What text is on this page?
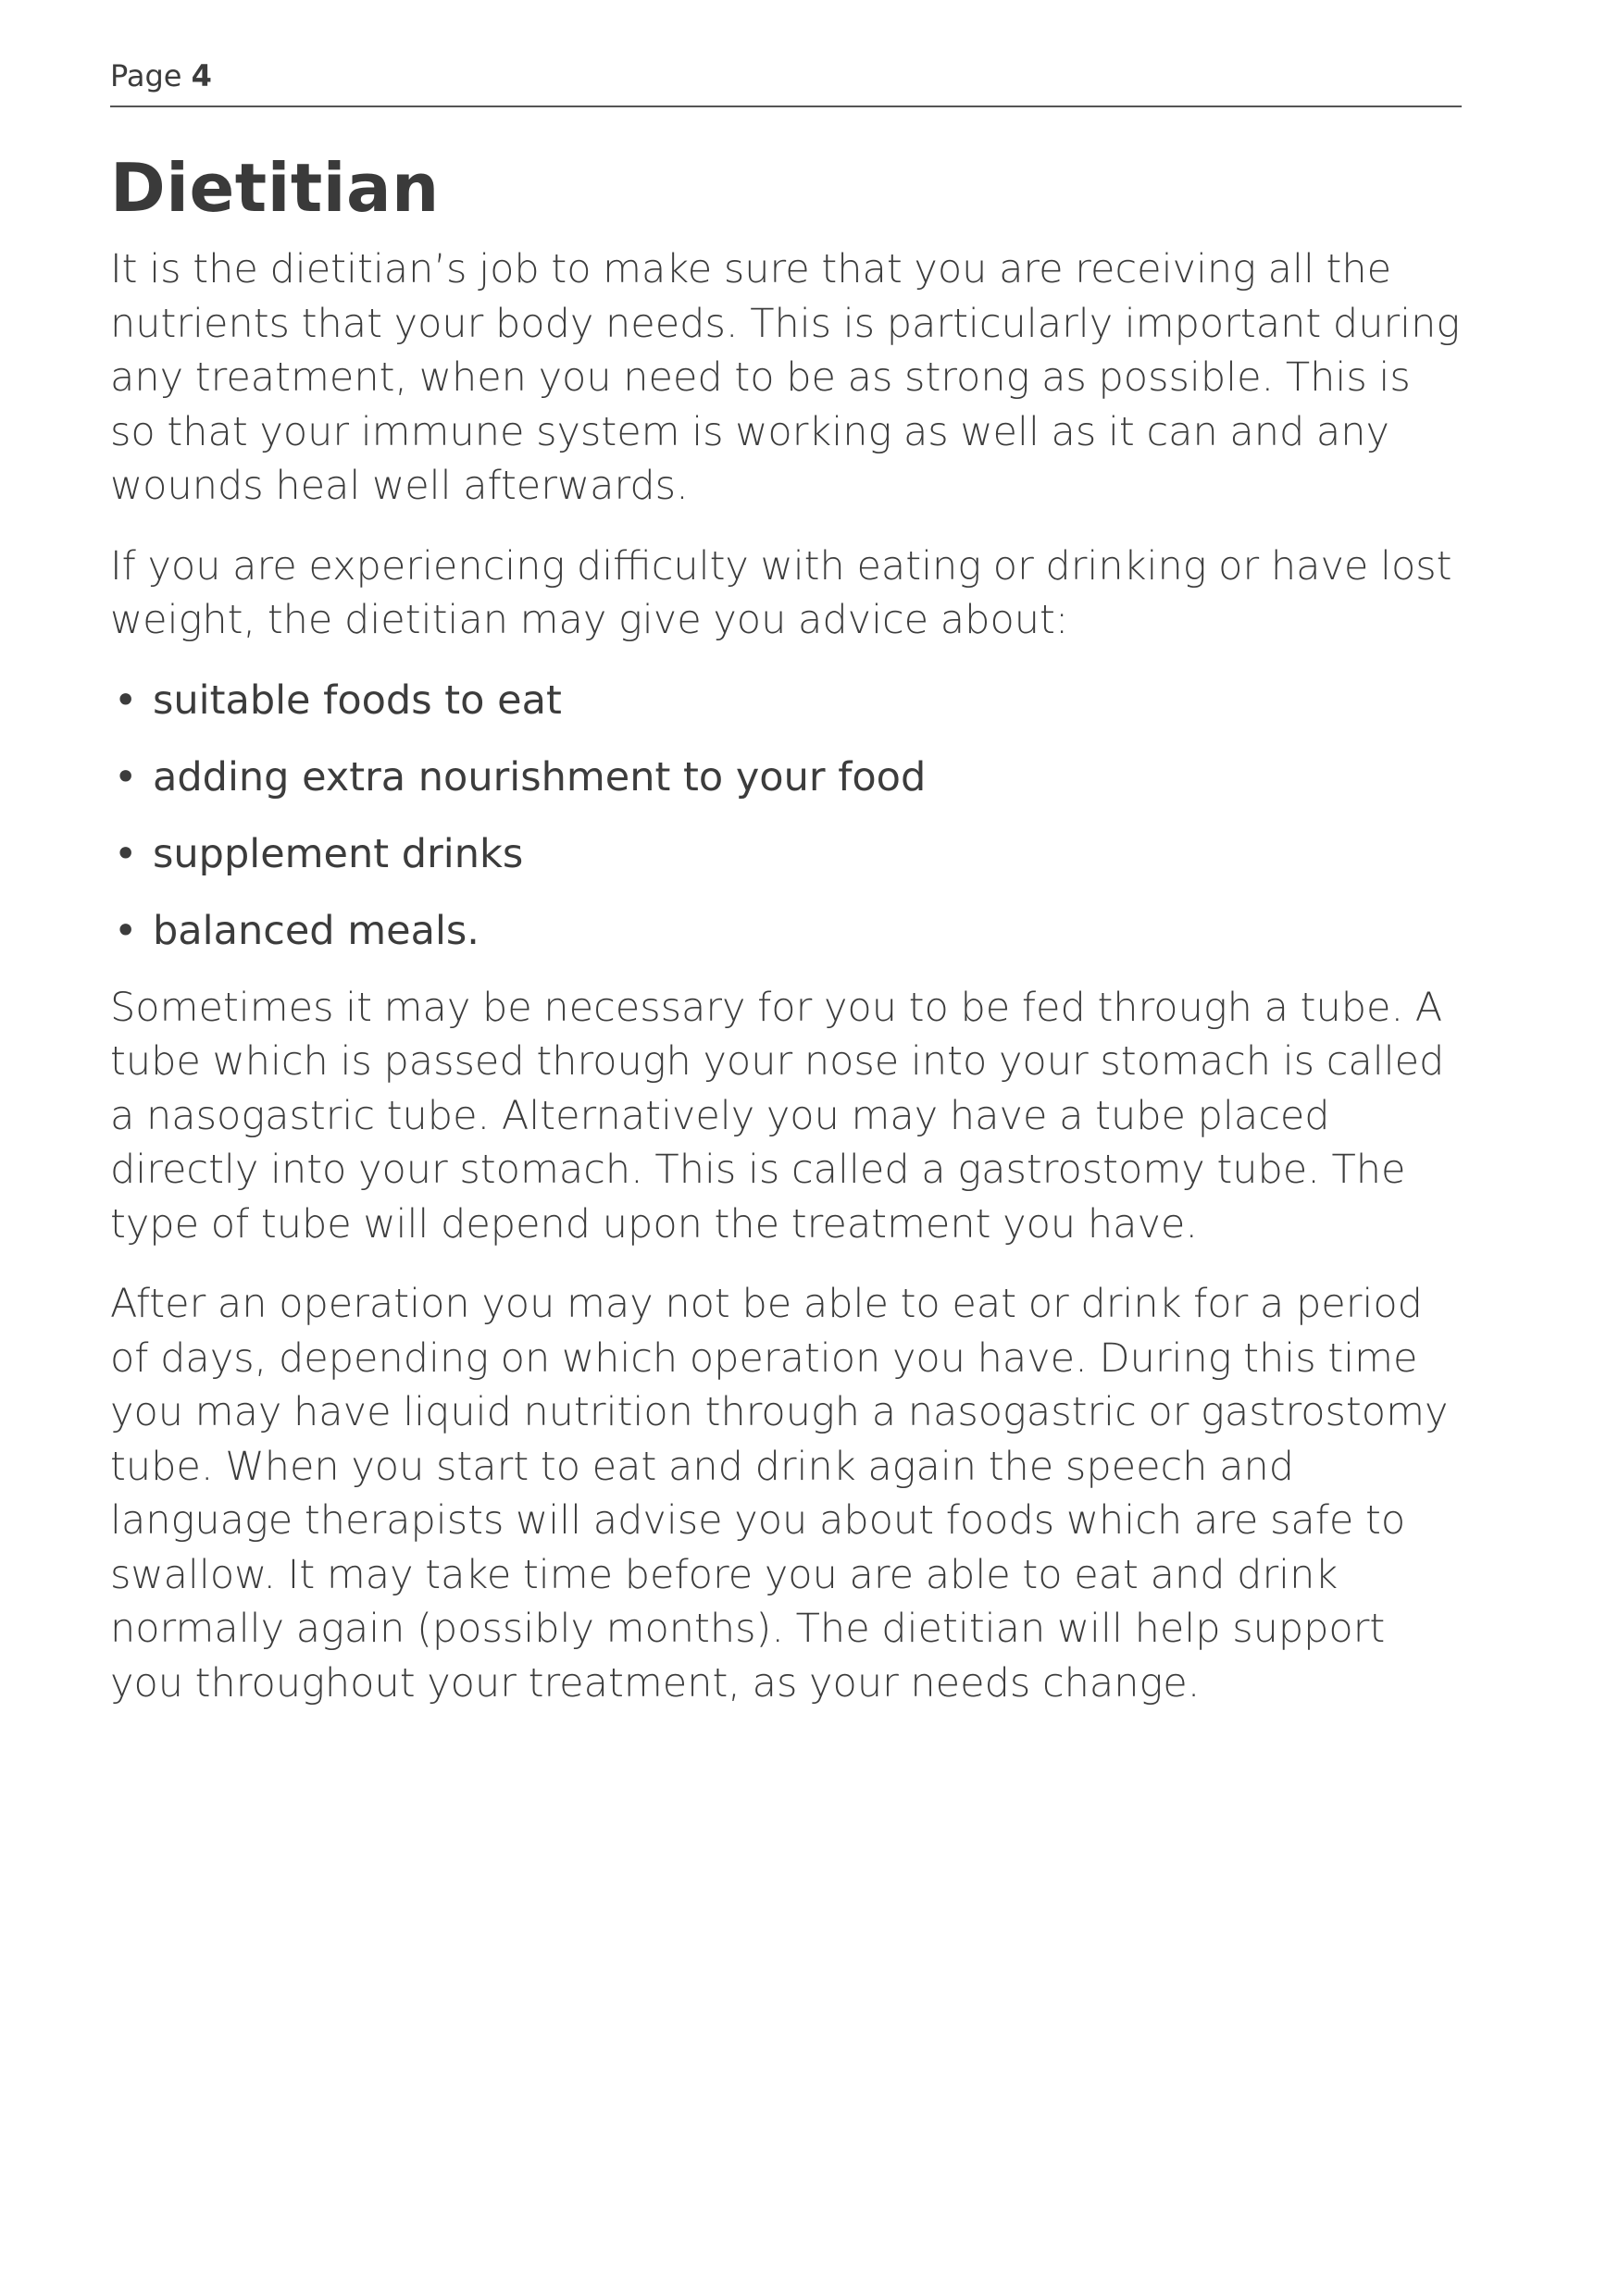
Page 4
Dietitian

It is the dietitian’s job to make sure that you are receiving all the nutrients that your body needs. This is particularly important during any treatment, when you need to be as strong as possible. This is so that your immune system is working as well as it can and any wounds heal well afterwards.

If you are experiencing difficulty with eating or drinking or have lost weight, the dietitian may give you advice about:

• suitable foods to eat
• adding extra nourishment to your food
• supplement drinks
• balanced meals.

Sometimes it may be necessary for you to be fed through a tube. A tube which is passed through your nose into your stomach is called a nasogastric tube. Alternatively you may have a tube placed directly into your stomach. This is called a gastrostomy tube. The type of tube will depend upon the treatment you have.

After an operation you may not be able to eat or drink for a period of days, depending on which operation you have. During this time you may have liquid nutrition through a nasogastric or gastrostomy tube. When you start to eat and drink again the speech and language therapists will advise you about foods which are safe to swallow. It may take time before you are able to eat and drink normally again (possibly months). The dietitian will help support you throughout your treatment, as your needs change.
